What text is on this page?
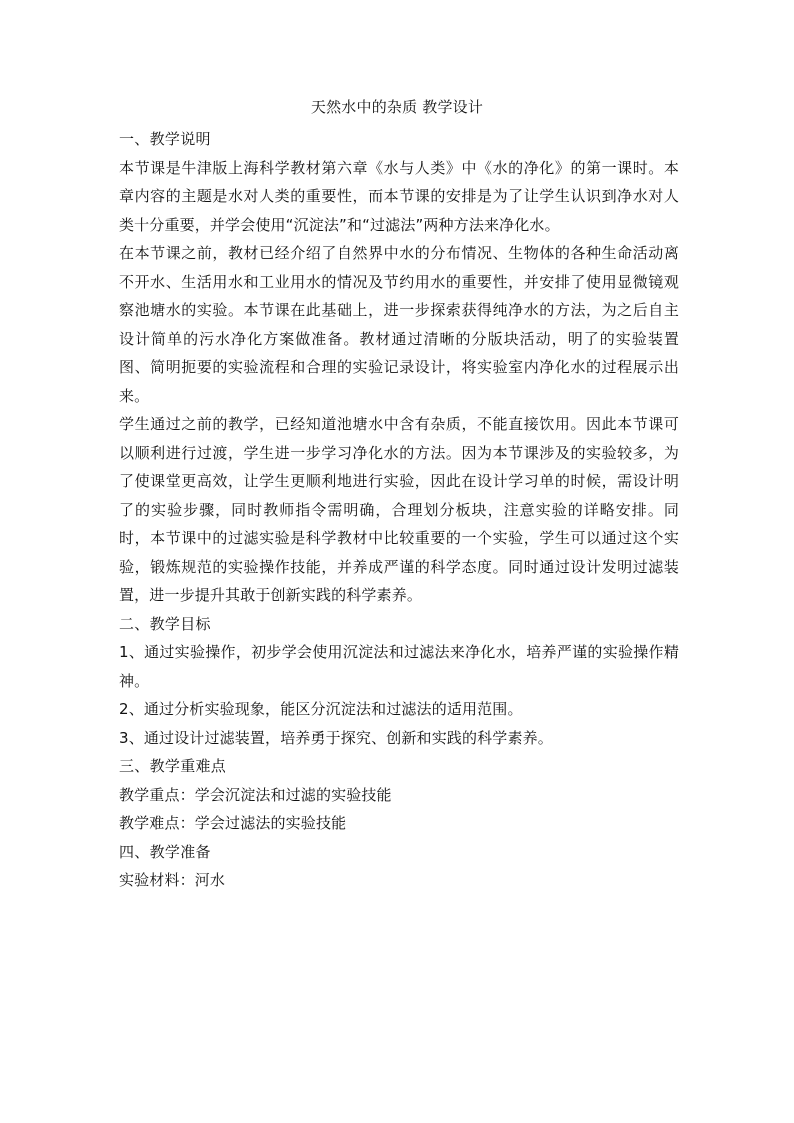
天然水中的杂质 教学设计

一、教学说明

本节课是牛津版上海科学教材第六章《水与人类》中《水的净化》的第一课时。本章内容的主题是水对人类的重要性，而本节课的安排是为了让学生认识到净水对人类十分重要，并学会使用“沉淀法”和“过滤法”两种方法来净化水。

在本节课之前，教材已经介绍了自然界中水的分布情况、生物体的各种生命活动离不开水、生活用水和工业用水的情况及节约用水的重要性，并安排了使用显微镜观察池塘水的实验。本节课在此基础上，进一步探索获得纯净水的方法，为之后自主设计简单的污水净化方案做准备。教材通过清晰的分版块活动，明了的实验装置图、简明扼要的实验流程和合理的实验记录设计，将实验室内净化水的过程展示出来。

学生通过之前的教学，已经知道池塘水中含有杂质，不能直接饮用。因此本节课可以顺利进行过渡，学生进一步学习净化水的方法。因为本节课涉及的实验较多，为了使课堂更高效，让学生更顺利地进行实验，因此在设计学习单的时候，需设计明了的实验步骤，同时教师指令需明确，合理划分板块，注意实验的详略安排。同时，本节课中的过滤实验是科学教材中比较重要的一个实验，学生可以通过这个实验，锻炼规范的实验操作技能，并养成严谨的科学态度。同时通过设计发明过滤装置，进一步提升其敢于创新实践的科学素养。

二、教学目标

1、通过实验操作，初步学会使用沉淀法和过滤法来净化水，培养严谨的实验操作精神。

2、通过分析实验现象，能区分沉淀法和过滤法的适用范围。

3、通过设计过滤装置，培养勇于探究、创新和实践的科学素养。

三、教学重难点

教学重点：学会沉淀法和过滤的实验技能

教学难点：学会过滤法的实验技能

四、教学准备

实验材料：河水
